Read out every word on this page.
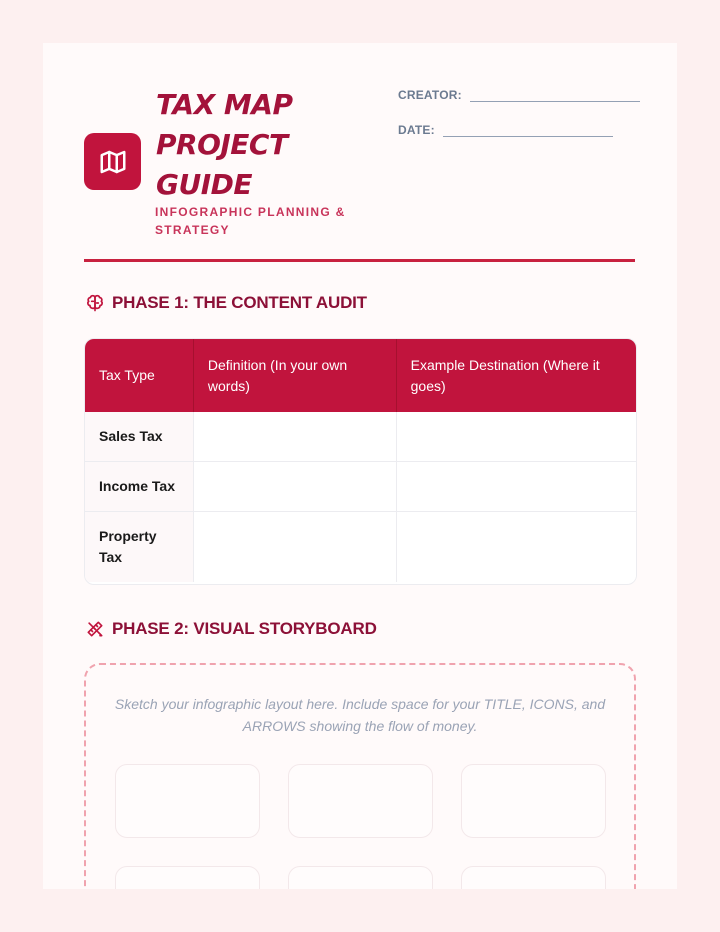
TAX MAP
PROJECT
GUIDE
INFOGRAPHIC PLANNING & STRATEGY
CREATOR:
DATE:
PHASE 1: THE CONTENT AUDIT
Tax Type	Definition (In your own words)	Example Destination (Where it goes)
Sales Tax		
Income Tax		
Property Tax		
PHASE 2: VISUAL STORYBOARD
Sketch your infographic layout here. Include space for your TITLE, ICONS, and ARROWS showing the flow of money.
